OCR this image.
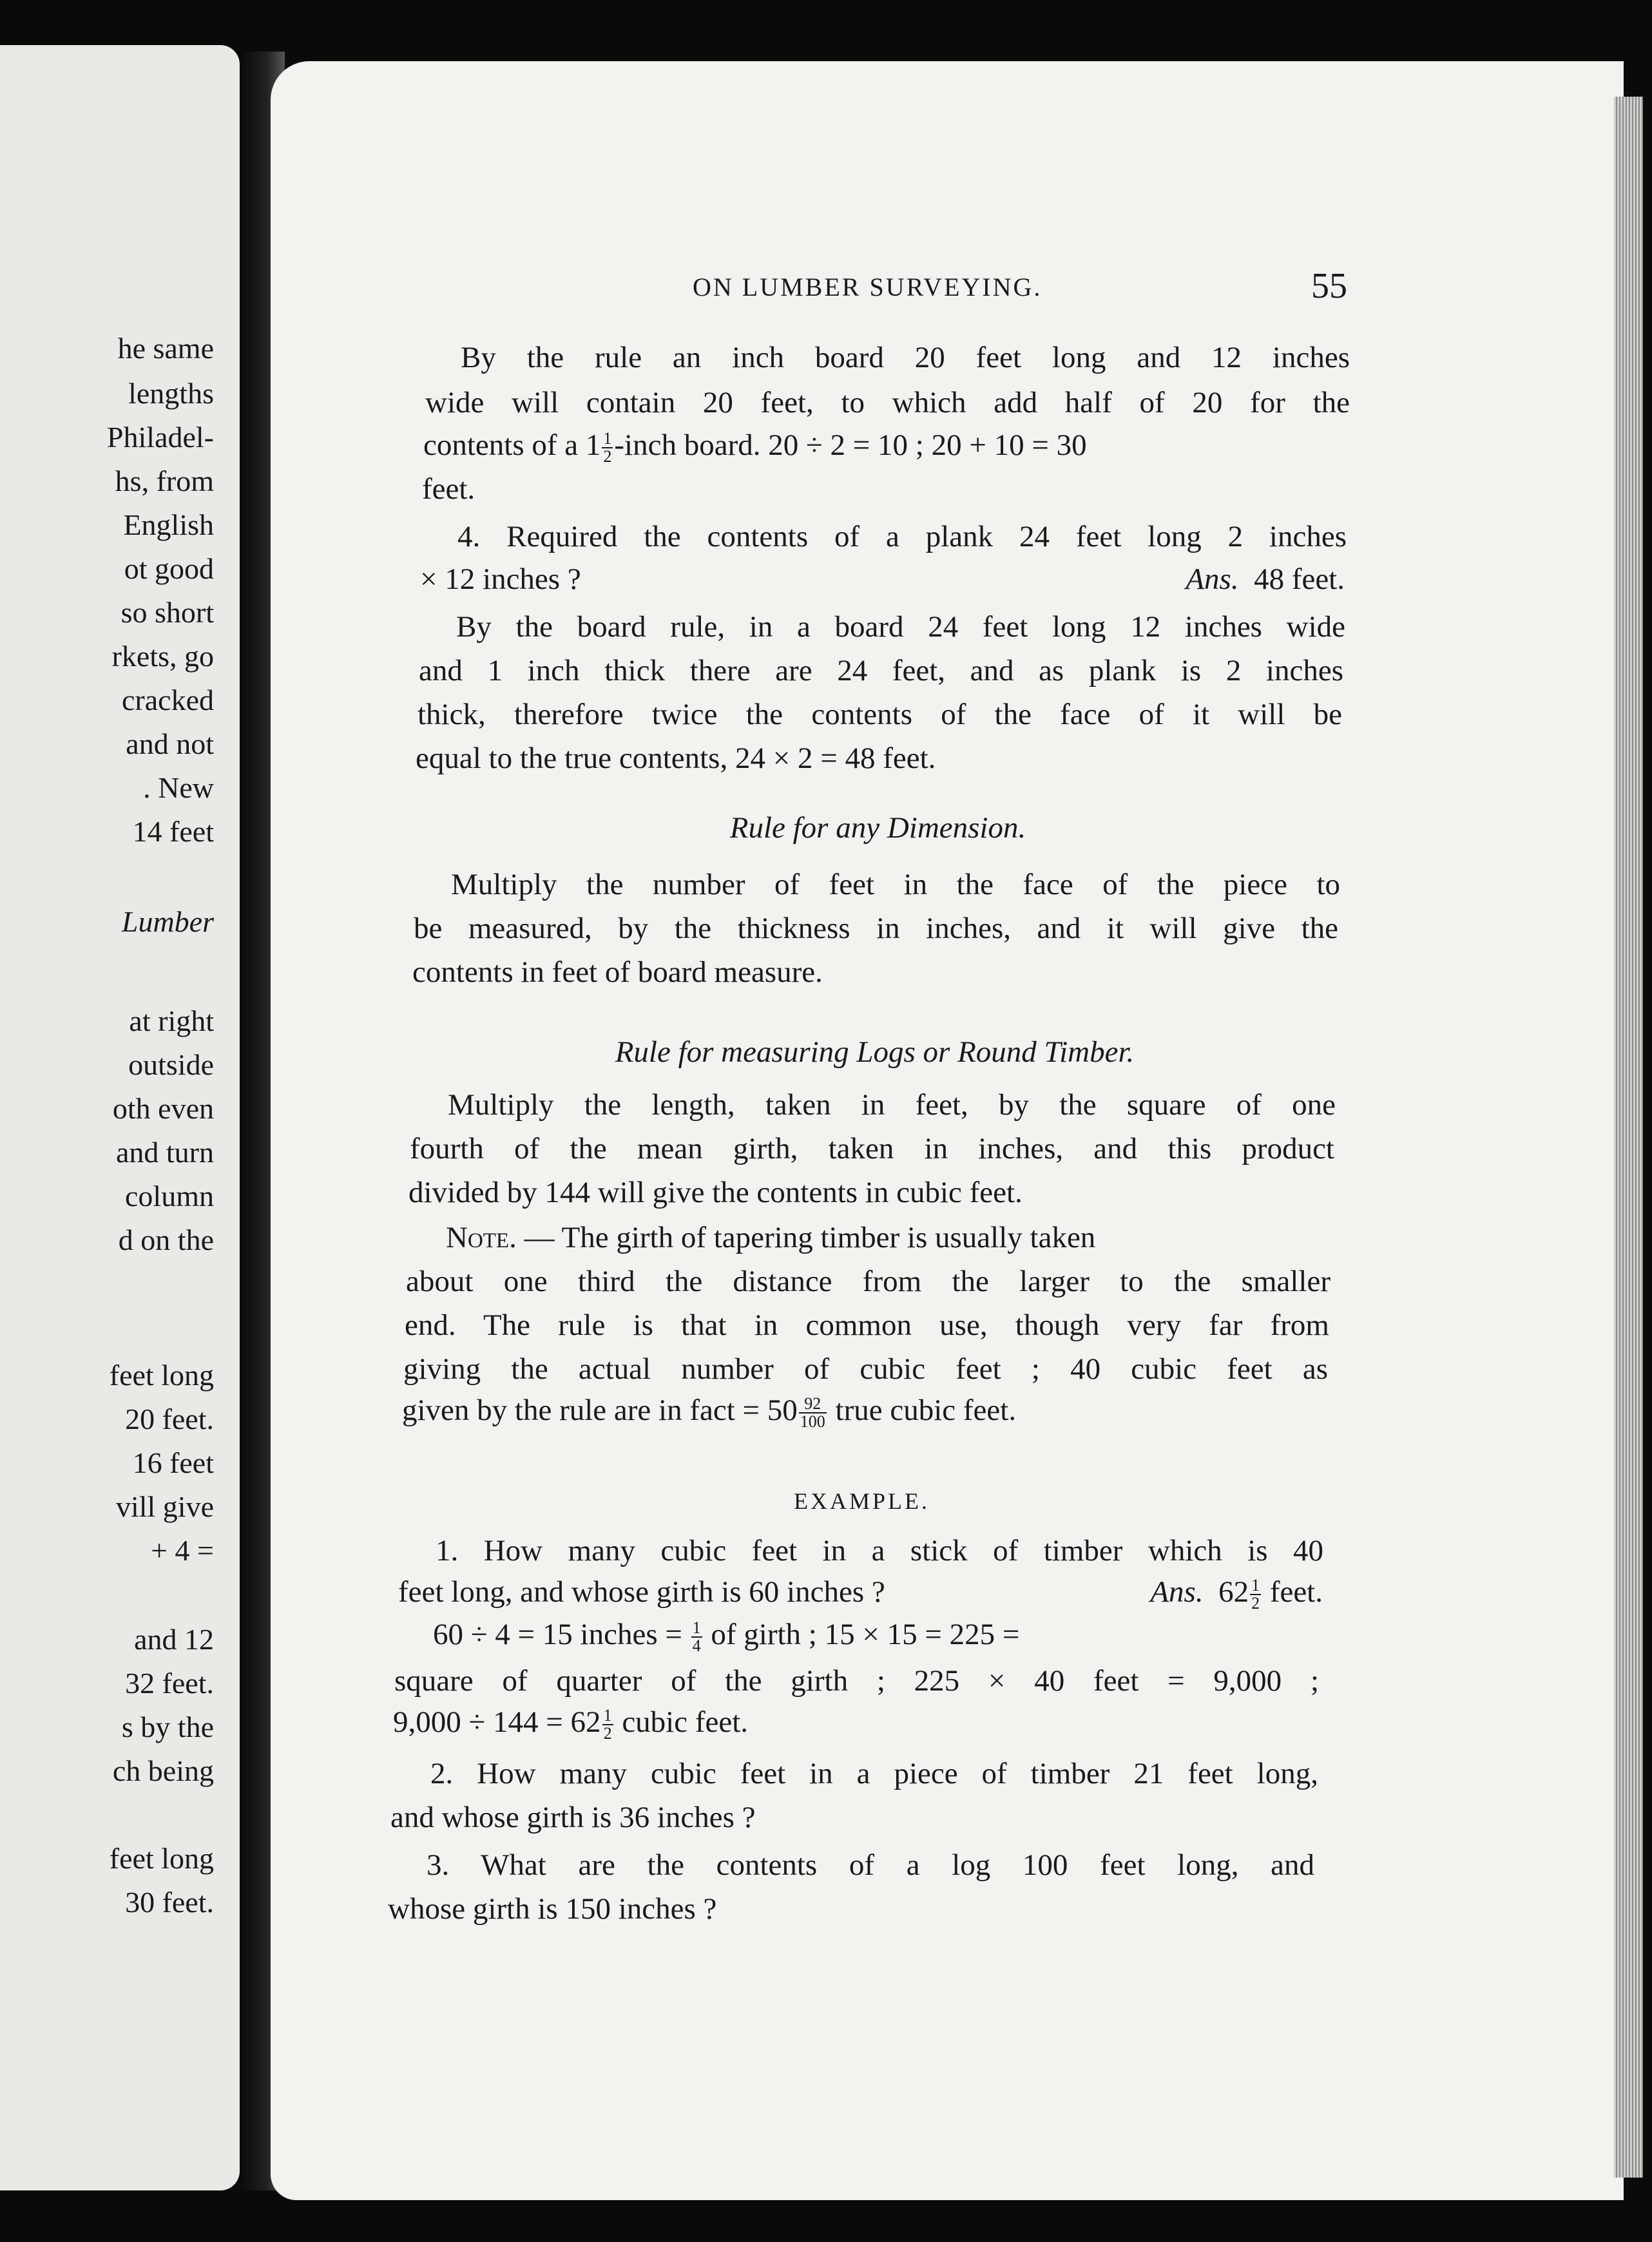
he same
lengths
Philadel-
hs, from
English
ot good
so short
rkets, go
cracked
and not
. New
14 feet
Lumber
at right
outside
oth even
and turn
column
d on the
feet long
20 feet.
16 feet
vill give
+ 4 =
and 12
32 feet.
s by the
ch being
feet long
30 feet.
ON LUMBER SURVEYING.	55
By the rule an inch board 20 feet long and 12 inches
wide will contain 20 feet, to which add half of 20 for the
contents of a $1 \frac{1}{2}$ -inch board. 20 ÷ 2 = 10 ; 20 + 10 = 30
feet.
4. Required the contents of a plank 24 feet long 2 inches
× 12 inches ?	Ans. 48 feet.
By the board rule, in a board 24 feet long 12 inches wide
and 1 inch thick there are 24 feet, and as plank is 2 inches
thick, therefore twice the contents of the face of it will be
equal to the true contents, 24 × 2 = 48 feet.
Rule for any Dimension.
Multiply the number of feet in the face of the piece to
be measured, by the thickness in inches, and it will give the
contents in feet of board measure.
Rule for measuring Logs or Round Timber.
Multiply the length, taken in feet, by the square of one
fourth of the mean girth, taken in inches, and this product
divided by 144 will give the contents in cubic feet.
Note. — The girth of tapering timber is usually taken
about one third the distance from the larger to the smaller
end. The rule is that in common use, though very far from
giving the actual number of cubic feet ; 40 cubic feet as
given by the rule are in fact = $50 \frac{92}{100}$ true cubic feet.
EXAMPLE.
1. How many cubic feet in a stick of timber which is 40
feet long, and whose girth is 60 inches ?	Ans. $62 \frac{1}{2}$ feet.
60 ÷ 4 = 15 inches = $\frac{1}{4}$ of girth ; 15 × 15 = 225 =
square of quarter of the girth ; 225 × 40 feet = 9,000 ;
$9,000 \div 144 = 62 \frac{1}{2}$ cubic feet.
2. How many cubic feet in a piece of timber 21 feet long,
and whose girth is 36 inches ?
3. What are the contents of a log 100 feet long, and
whose girth is 150 inches ?
